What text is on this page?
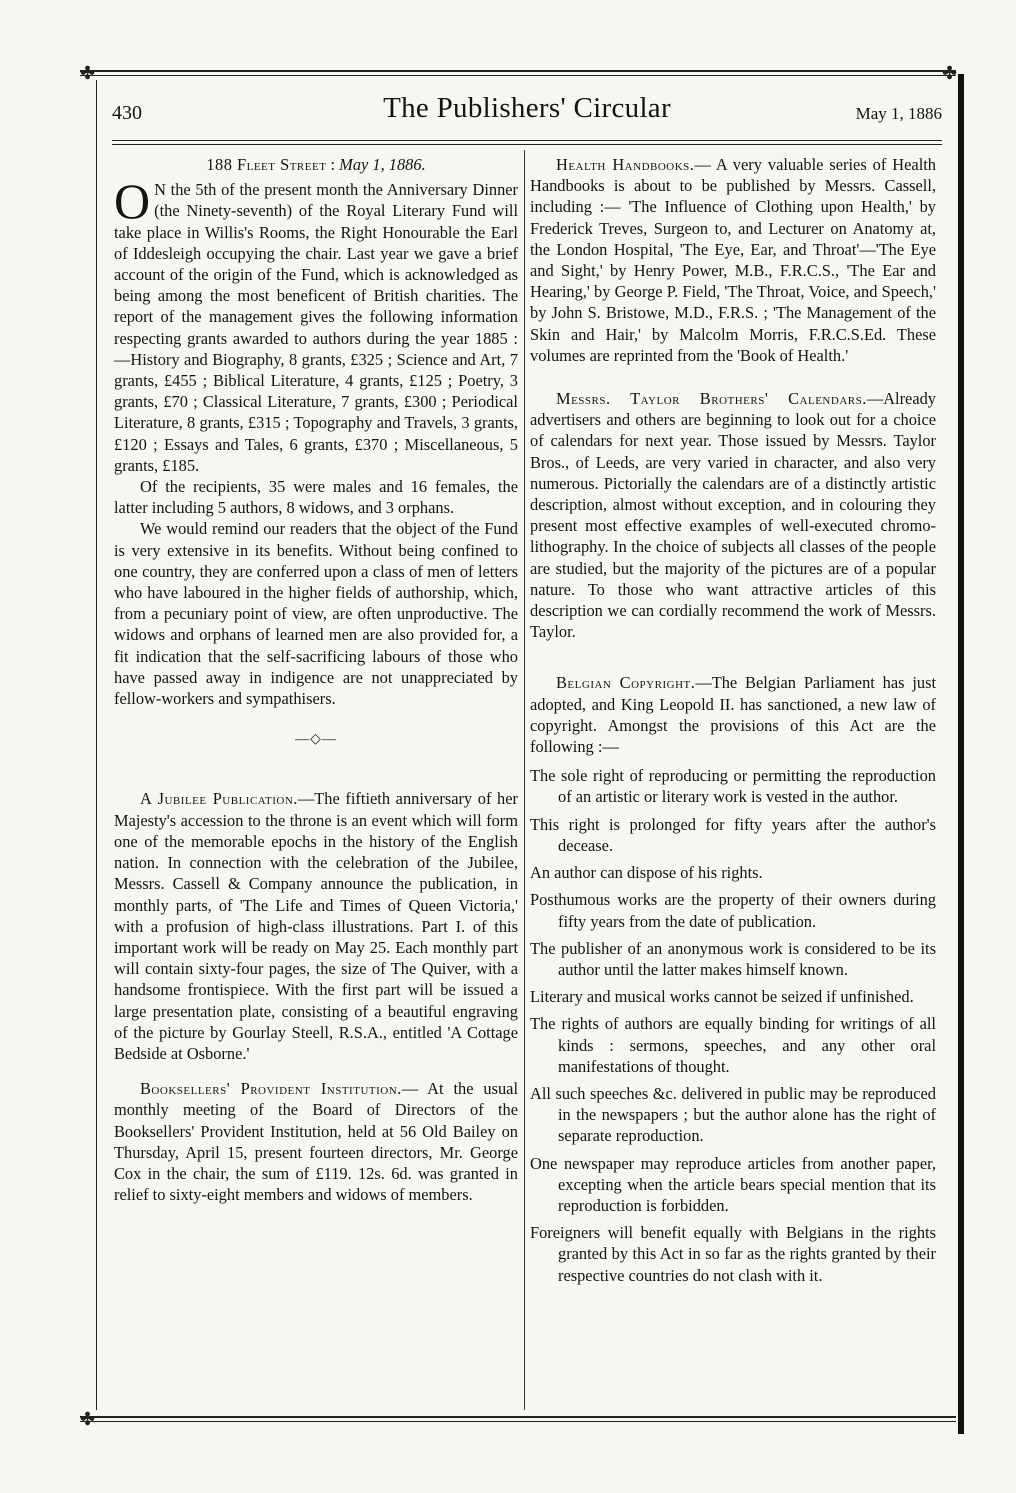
✤	✤
✤
430	The Publishers' Circular	May 1, 1886

188 Fleet Street : May 1, 1886.

O N the 5th of the present month the Anniversary Dinner (the Ninety-seventh) of the Royal Literary Fund will take place in Willis's Rooms, the Right Honourable the Earl of Iddesleigh occupying the chair. Last year we gave a brief account of the origin of the Fund, which is acknowledged as being among the most beneficent of British charities. The report of the management gives the following information respecting grants awarded to authors during the year 1885 :—History and Biography, 8 grants, £325 ; Science and Art, 7 grants, £455 ; Biblical Literature, 4 grants, £125 ; Poetry, 3 grants, £70 ; Classical Literature, 7 grants, £300 ; Periodical Literature, 8 grants, £315 ; Topography and Travels, 3 grants, £120 ; Essays and Tales, 6 grants, £370 ; Miscellaneous, 5 grants, £185.

Of the recipients, 35 were males and 16 females, the latter including 5 authors, 8 widows, and 3 orphans.

We would remind our readers that the object of the Fund is very extensive in its benefits. Without being confined to one country, they are conferred upon a class of men of letters who have laboured in the higher fields of authorship, which, from a pecuniary point of view, are often unproductive. The widows and orphans of learned men are also provided for, a fit indication that the self-sacrificing labours of those who have passed away in indigence are not unappreciated by fellow-workers and sympathisers.

—◇—

A Jubilee Publication.—The fiftieth anniversary of her Majesty's accession to the throne is an event which will form one of the memorable epochs in the history of the English nation. In connection with the celebration of the Jubilee, Messrs. Cassell & Company announce the publication, in monthly parts, of 'The Life and Times of Queen Victoria,' with a profusion of high-class illustrations. Part I. of this important work will be ready on May 25. Each monthly part will contain sixty-four pages, the size of The Quiver, with a handsome frontispiece. With the first part will be issued a large presentation plate, consisting of a beautiful engraving of the picture by Gourlay Steell, R.S.A., entitled 'A Cottage Bedside at Osborne.'

Booksellers' Provident Institution.— At the usual monthly meeting of the Board of Directors of the Booksellers' Provident Institution, held at 56 Old Bailey on Thursday, April 15, present fourteen directors, Mr. George Cox in the chair, the sum of £119. 12s. 6d. was granted in relief to sixty-eight members and widows of members.

Health Handbooks.— A very valuable series of Health Handbooks is about to be published by Messrs. Cassell, including :— 'The Influence of Clothing upon Health,' by Frederick Treves, Surgeon to, and Lecturer on Anatomy at, the London Hospital, 'The Eye, Ear, and Throat'—'The Eye and Sight,' by Henry Power, M.B., F.R.C.S., 'The Ear and Hearing,' by George P. Field, 'The Throat, Voice, and Speech,' by John S. Bristowe, M.D., F.R.S. ; 'The Management of the Skin and Hair,' by Malcolm Morris, F.R.C.S.Ed. These volumes are reprinted from the 'Book of Health.'

Messrs. Taylor Brothers' Calendars.—Already advertisers and others are beginning to look out for a choice of calendars for next year. Those issued by Messrs. Taylor Bros., of Leeds, are very varied in character, and also very numerous. Pictorially the calendars are of a distinctly artistic description, almost without exception, and in colouring they present most effective examples of well-executed chromo-lithography. In the choice of subjects all classes of the people are studied, but the majority of the pictures are of a popular nature. To those who want attractive articles of this description we can cordially recommend the work of Messrs. Taylor.

Belgian Copyright.—The Belgian Parliament has just adopted, and King Leopold II. has sanctioned, a new law of copyright. Amongst the provisions of this Act are the following :—

The sole right of reproducing or permitting the reproduction of an artistic or literary work is vested in the author.

This right is prolonged for fifty years after the author's decease.

An author can dispose of his rights.

Posthumous works are the property of their owners during fifty years from the date of publication.

The publisher of an anonymous work is considered to be its author until the latter makes himself known.

Literary and musical works cannot be seized if unfinished.

The rights of authors are equally binding for writings of all kinds : sermons, speeches, and any other oral manifestations of thought.

All such speeches &c. delivered in public may be reproduced in the newspapers ; but the author alone has the right of separate reproduction.

One newspaper may reproduce articles from another paper, excepting when the article bears special mention that its reproduction is forbidden.

Foreigners will benefit equally with Belgians in the rights granted by this Act in so far as the rights granted by their respective countries do not clash with it.
